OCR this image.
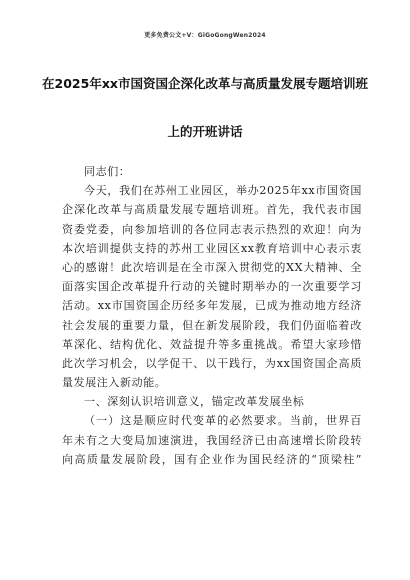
更多免费公文+V：GiGoGongWen2024
在2025年xx市国资国企深化改革与高质量发展专题培训班
上的开班讲话
同志们：
今天，我们在苏州工业园区，举办2025年xx市国资国
企深化改革与高质量发展专题培训班。首先，我代表市国
资委党委，向参加培训的各位同志表示热烈的欢迎！向为
本次培训提供支持的苏州工业园区xx教育培训中心表示衷
心的感谢！此次培训是在全市深入贯彻党的XX大精神、全
面落实国企改革提升行动的关键时期举办的一次重要学习
活动。xx市国资国企历经多年发展，已成为推动地方经济
社会发展的重要力量，但在新发展阶段，我们仍面临着改
革深化、结构优化、效益提升等多重挑战。希望大家珍惜
此次学习机会，以学促干、以干践行，为xx国资国企高质
量发展注入新动能。
一、深刻认识培训意义，锚定改革发展坐标
（一）这是顺应时代变革的必然要求。当前，世界百
年未有之大变局加速演进，我国经济已由高速增长阶段转
向高质量发展阶段，国有企业作为国民经济的“顶梁柱”
